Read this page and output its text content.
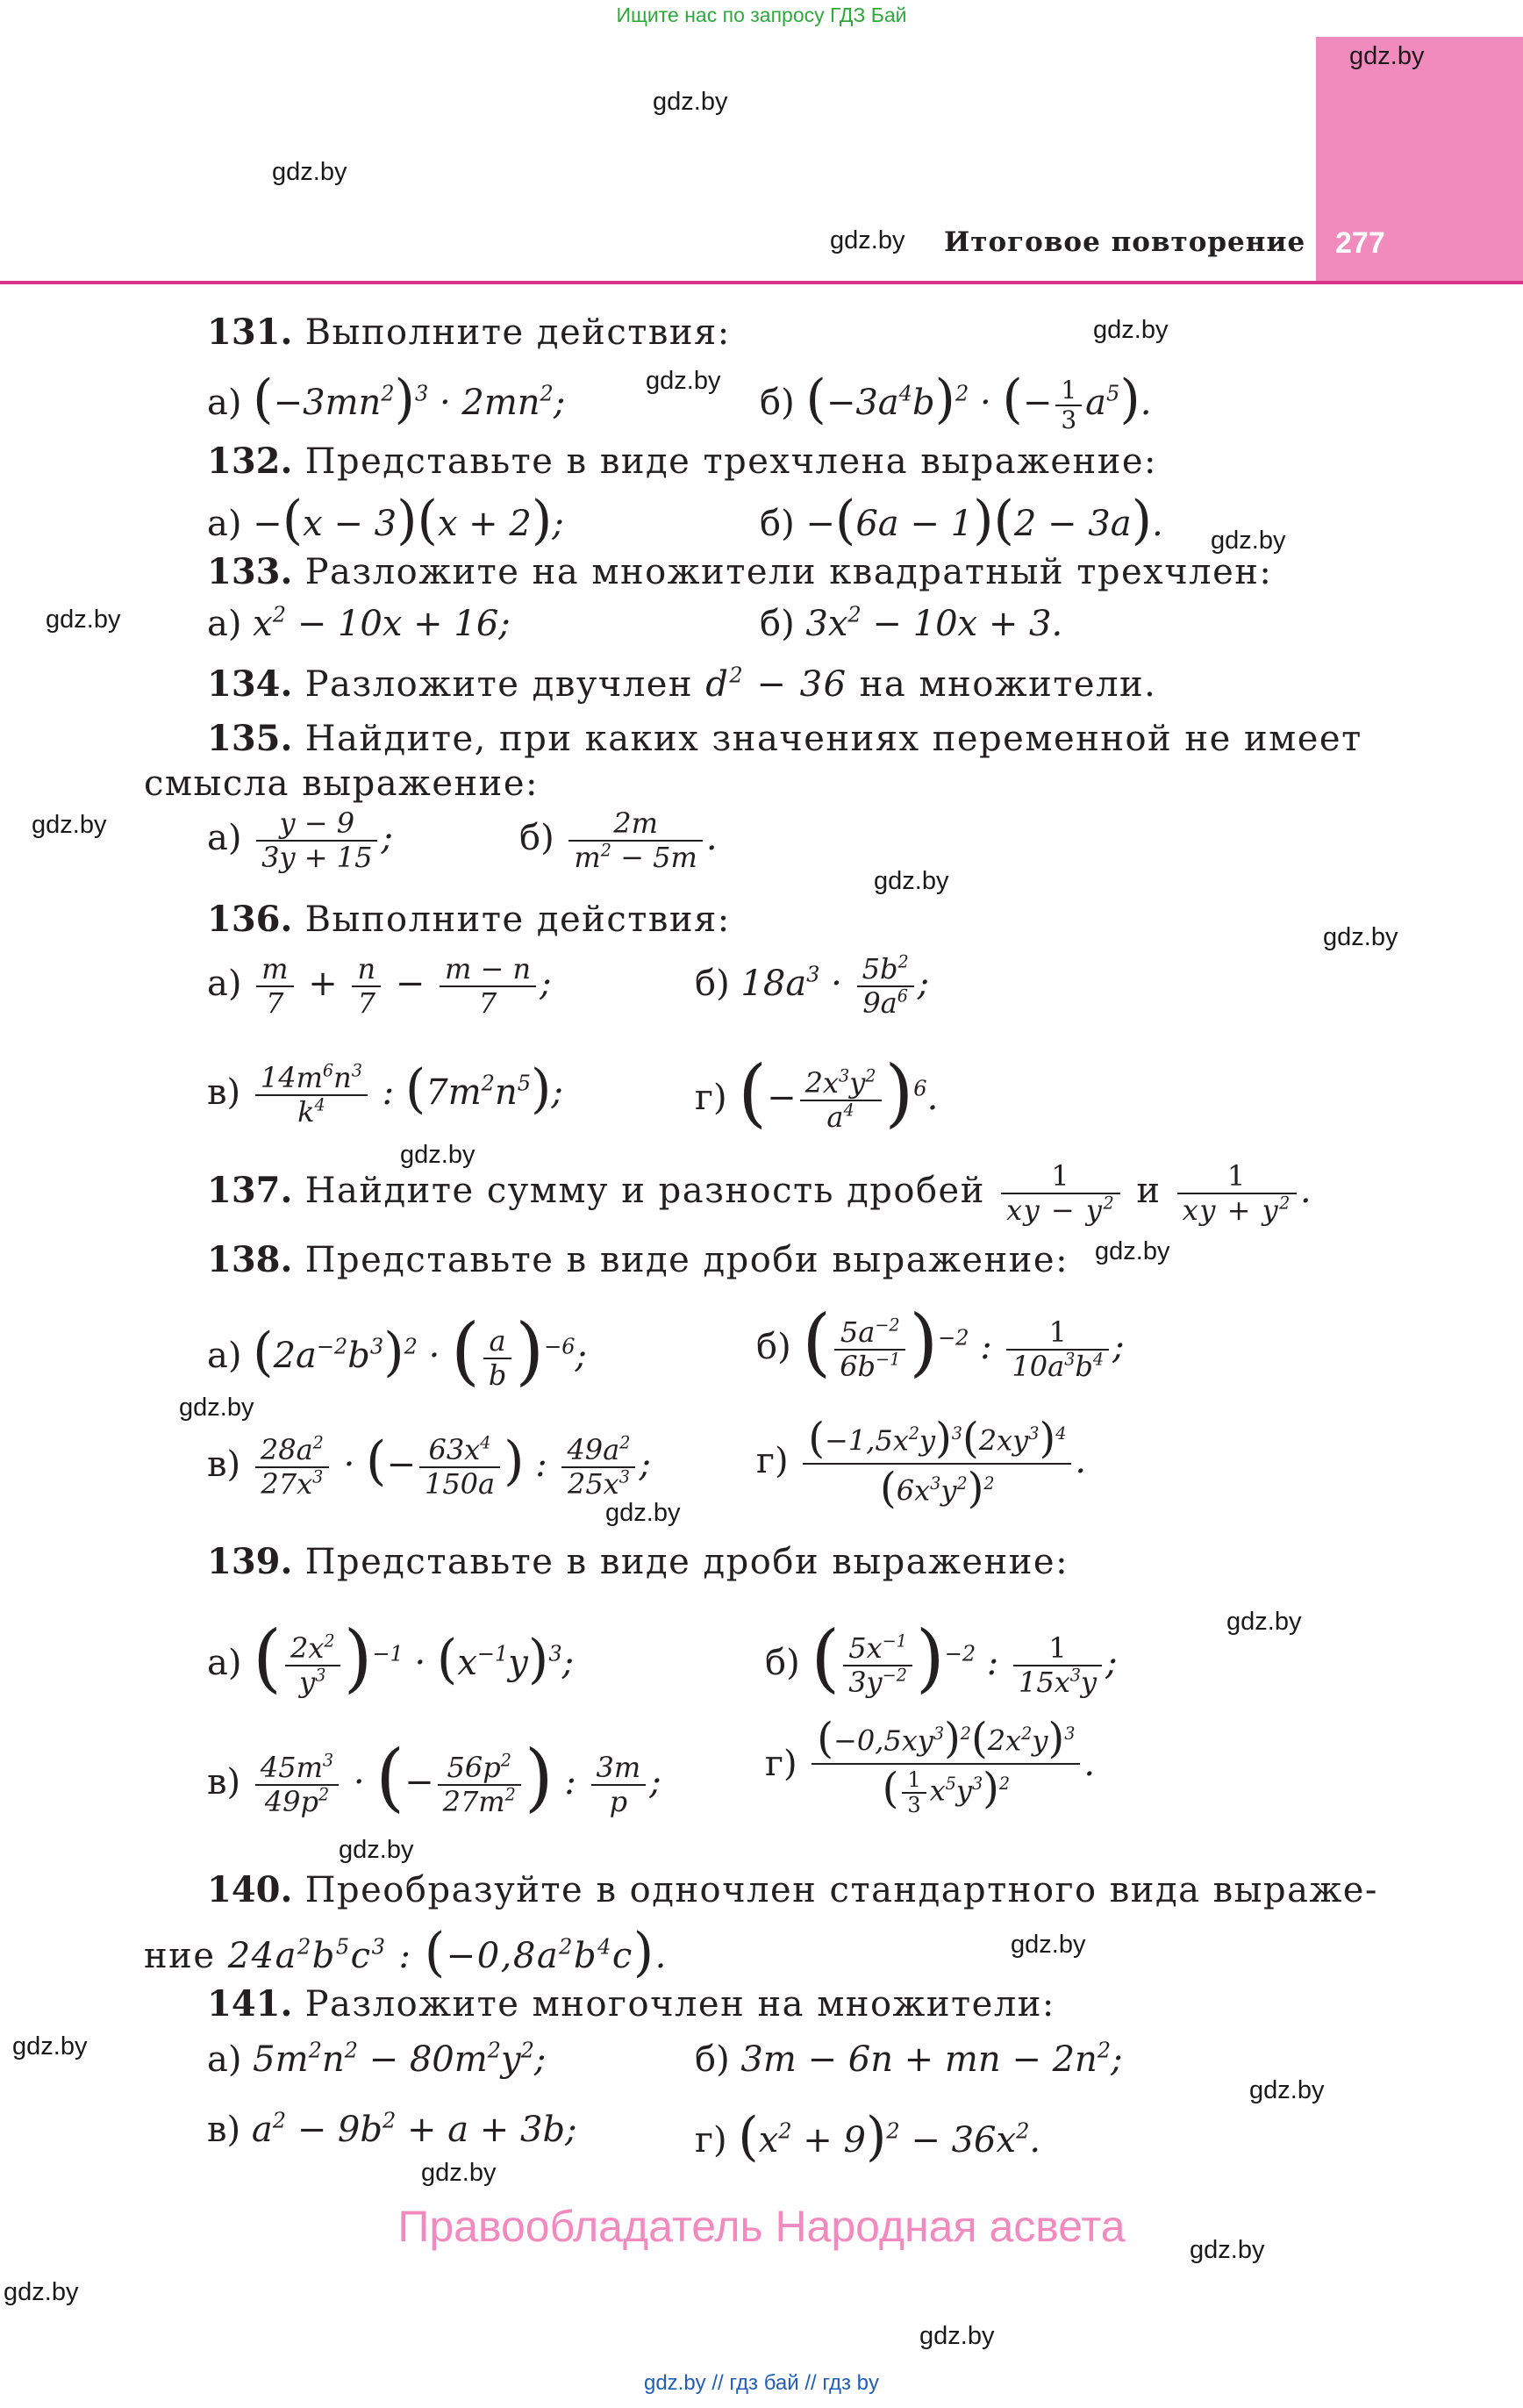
Ищите нас по запросу ГДЗ Бай
Итоговое повторение 277
gdz.by
gdz.by
gdz.by
gdz.by
gdz.by
gdz.by
gdz.by
gdz.by
gdz.by
gdz.by
gdz.by
gdz.by
gdz.by
gdz.by
gdz.by
gdz.by
gdz.by
gdz.by
gdz.by
gdz.by
gdz.by
gdz.by
gdz.by
gdz.by
131. Выполните действия:
а) $(-3mn^2)^3 \cdot 2mn^2$;	б) $(-3a^4b)^2$ · (− $\frac{1}{3} a^5$).
132. Представьте в виде трехчлена выражение:
а) −(x − 3)(x + 2);	б) −(6a − 1)(2 − 3a).
133. Разложите на множители квадратный трехчлен:
а) $x^2 - 10x + 16$;	б) $3x^2 - 10x + 3$.
134. Разложите двучлен $d^2 - 36$ на множители.
135. Найдите, при каких значениях переменной не имеет
смысла выражение:
$а) \frac{y - 9}{3y + 15}$ ;	$б) \frac{2m}{m^2 - 5m}$ .
136. Выполните действия:
$а) \frac{m}{7} + \frac{n}{7} - \frac{m - n}{7}$ ;	б) $18a^3 \cdot \frac{5b^2}{9a^6}$ ;
$в) \frac{14m^6n^3}{k^4}$ : $(7m^2n^5)$;	г) (− $\frac{2x^3y^2}{a^4} )^6$.
137. Найдите сумму и разность дробей $\frac{1}{xy - y^2}$ и $\frac{1}{xy + y^2}$ .
138. Представьте в виде дроби выражение:
а) $(2a^{-2}b^3)^2$ · ( $\frac{a}{b} )^{-6}$;	б) ( $\frac{5a^{-2}}{6b^{-1}} )^{-2}$ : $\frac{1}{10a^3b^4}$ ;
$в) \frac{28a^2}{27x^3}$ · (− $\frac{63x^4}{150a}$ ) : $\frac{49a^2}{25x^3}$ ;	$г) \frac{(-1,5x^2y)^3(2xy^3)^4}{(6x^3y^2)^2}$ .
139. Представьте в виде дроби выражение:
а) ( $\frac{2x^2}{y^3} )^{-1} \cdot (x^{-1}y)^3$;	б) ( $\frac{5x^{-1}}{3y^{-2}} )^{-2}$ : $\frac{1}{15x^3y}$ ;
$в) \frac{45m^3}{49p^2}$ · (− $\frac{56p^2}{27m^2}$ ) : $\frac{3m}{p}$ ;	$г) \frac{(-0,5xy^3)^2(2x^2y)^3}{( \frac{1}{3} x^5y^3)^2}$ .
140. Преобразуйте в одночлен стандартного вида выраже-
ние $24a^2b^5c^3$ : $(-0,8a^2b^4c)$.
141. Разложите многочлен на множители:
а) $5m^2n^2 - 80m^2y^2$;	б) 3m − 6n + mn − $2n^2$;
в) $a^2 - 9b^2 + a + 3b$;	г) $(x^2 + 9)^2 - 36x^2$.
Правообладатель Народная асвета
gdz.by // гдз бай // гдз by
